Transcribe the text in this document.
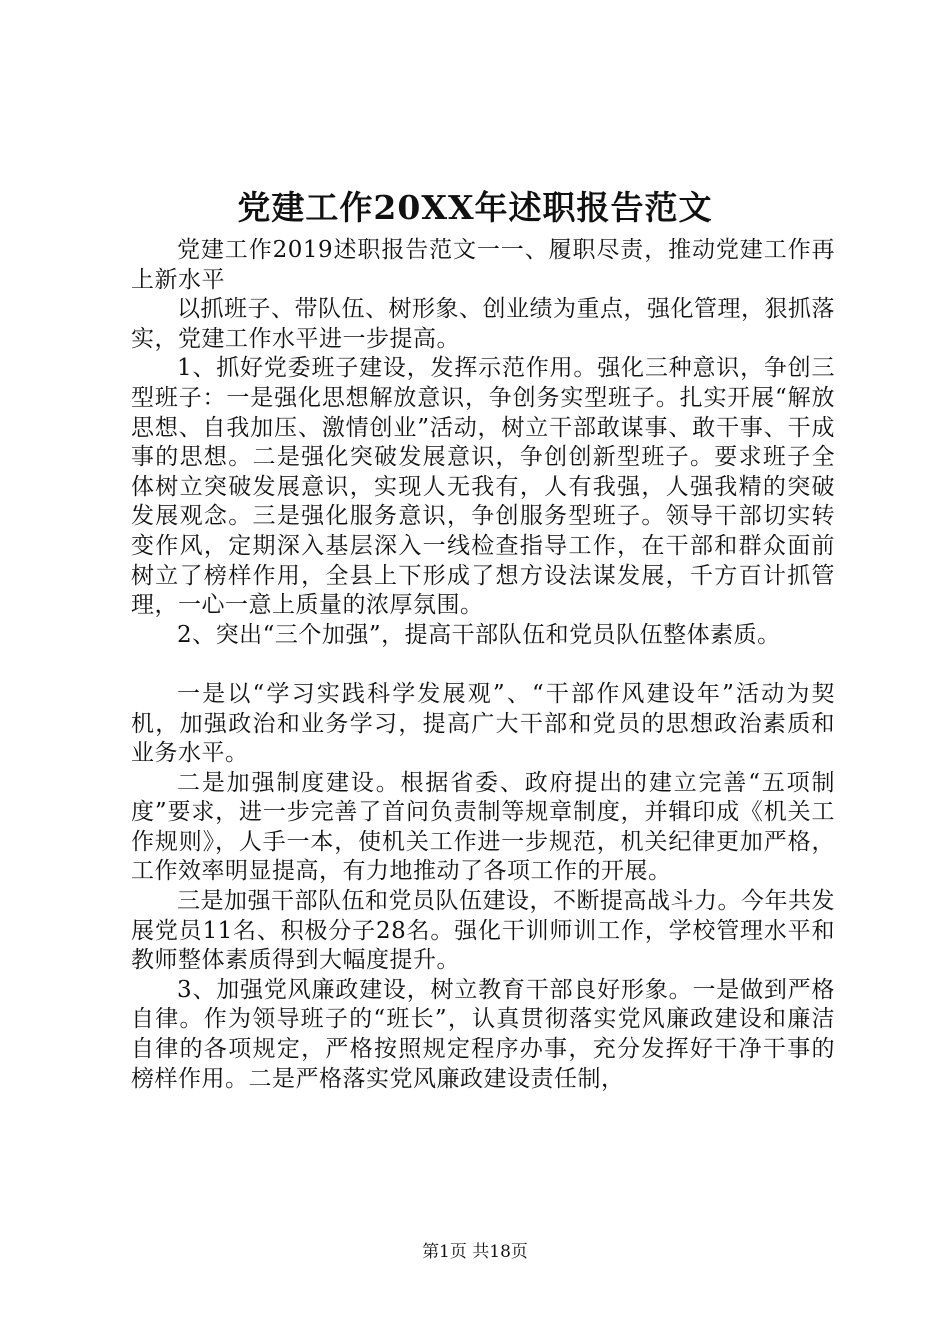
党建工作20XX年述职报告范文

党建工作2019述职报告范文一一、履职尽责，推动党建工作再上新水平

以抓班子、带队伍、树形象、创业绩为重点，强化管理，狠抓落实，党建工作水平进一步提高。

1、抓好党委班子建设，发挥示范作用。强化三种意识，争创三型班子：一是强化思想解放意识，争创务实型班子。扎实开展“解放思想、自我加压、激情创业”活动，树立干部敢谋事、敢干事、干成事的思想。二是强化突破发展意识，争创创新型班子。要求班子全体树立突破发展意识，实现人无我有，人有我强，人强我精的突破发展观念。三是强化服务意识，争创服务型班子。领导干部切实转变作风，定期深入基层深入一线检查指导工作，在干部和群众面前树立了榜样作用，全县上下形成了想方设法谋发展，千方百计抓管理，一心一意上质量的浓厚氛围。

2、突出“三个加强”，提高干部队伍和党员队伍整体素质。

一是以“学习实践科学发展观”、“干部作风建设年”活动为契机，加强政治和业务学习，提高广大干部和党员的思想政治素质和业务水平。

二是加强制度建设。根据省委、政府提出的建立完善“五项制度”要求，进一步完善了首问负责制等规章制度，并辑印成《机关工作规则》，人手一本，使机关工作进一步规范，机关纪律更加严格，工作效率明显提高，有力地推动了各项工作的开展。

三是加强干部队伍和党员队伍建设，不断提高战斗力。今年共发展党员11名、积极分子28名。强化干训师训工作，学校管理水平和教师整体素质得到大幅度提升。

3、加强党风廉政建设，树立教育干部良好形象。一是做到严格自律。作为领导班子的“班长”，认真贯彻落实党风廉政建设和廉洁自律的各项规定，严格按照规定程序办事，充分发挥好干净干事的榜样作用。二是严格落实党风廉政建设责任制，

第1页 共18页
